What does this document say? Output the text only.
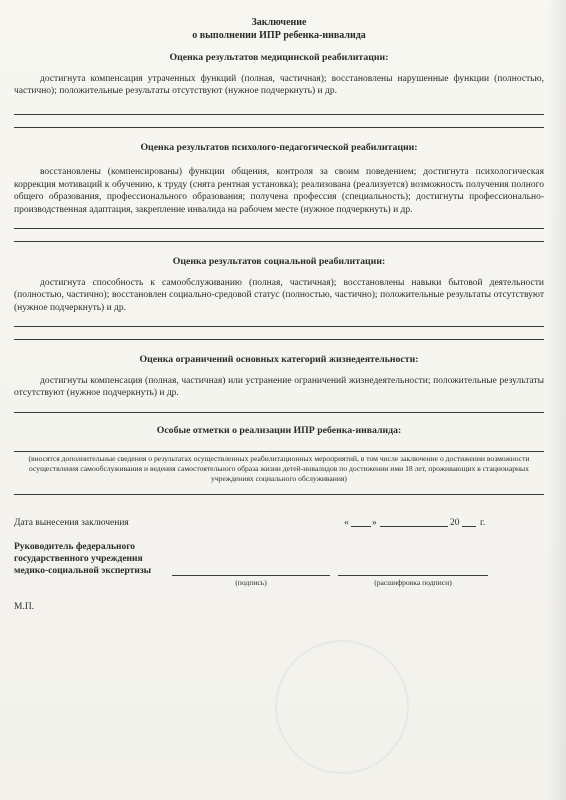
Заключение
о выполнении ИПР ребенка-инвалида
Оценка результатов медицинской реабилитации:

достигнута компенсация утраченных функций (полная, частичная); восстановлены нарушенные функции (полностью, частично); положительные результаты отсутствуют (нужное подчеркнуть) и др.

Оценка результатов психолого-педагогической реабилитации:

восстановлены (компенсированы) функции общения, контроля за своим поведением; достигнута психологическая коррекция мотиваций к обучению, к труду (снята рентная установка); реализована (реализуется) возможность получения полного общего образования, профессионального образования; получена профессия (специальность); достигнуты профессионально-производственная адаптация, закрепление инвалида на рабочем месте (нужное подчеркнуть) и др.

Оценка результатов социальной реабилитации:

достигнута способность к самообслуживанию (полная, частичная); восстановлены навыки бытовой деятельности (полностью, частично); восстановлен социально-средовой статус (полностью, частично); положительные результаты отсутствуют (нужное подчеркнуть) и др.

Оценка ограничений основных категорий жизнедеятельности:

достигнуты компенсация (полная, частичная) или устранение ограничений жизнедеятельности; положительные результаты отсутствуют (нужное подчеркнуть) и др.

Особые отметки о реализации ИПР ребенка-инвалида:
(вносятся дополнительные сведения о результатах осуществленных реабилитационных мероприятий, в том числе заключение о достижении возможности осуществления самообслуживания и ведения самостоятельного образа жизни детей-инвалидов по достижении ими 18 лет, проживающих в стационарных учреждениях социального обслуживания)
Дата вынесения заключения	« »	20 г.
Руководитель федерального
государственного учреждения
медико-социальной экспертизы
(подпись)	(расшифровка подписи)
М.П.
